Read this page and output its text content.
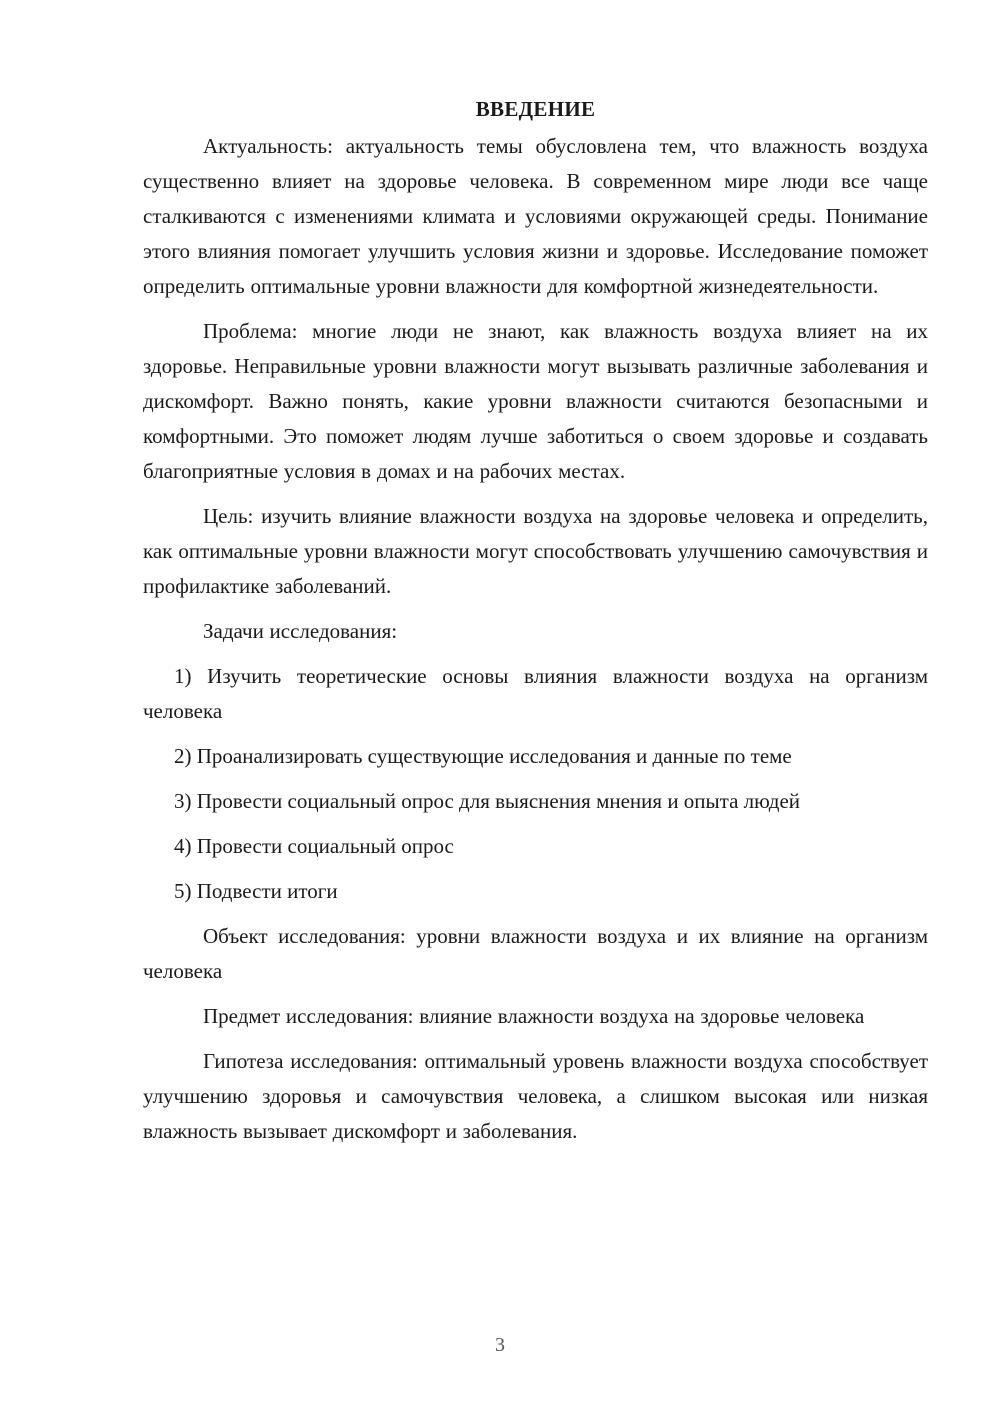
ВВЕДЕНИЕ

Актуальность: актуальность темы обусловлена тем, что влажность воздуха существенно влияет на здоровье человека. В современном мире люди все чаще сталкиваются с изменениями климата и условиями окружающей среды. Понимание этого влияния помогает улучшить условия жизни и здоровье. Исследование поможет определить оптимальные уровни влажности для комфортной жизнедеятельности.

Проблема: многие люди не знают, как влажность воздуха влияет на их здоровье. Неправильные уровни влажности могут вызывать различные заболевания и дискомфорт. Важно понять, какие уровни влажности считаются безопасными и комфортными. Это поможет людям лучше заботиться о своем здоровье и создавать благоприятные условия в домах и на рабочих местах.

Цель: изучить влияние влажности воздуха на здоровье человека и определить, как оптимальные уровни влажности могут способствовать улучшению самочувствия и профилактике заболеваний.

Задачи исследования:

1) Изучить теоретические основы влияния влажности воздуха на организм человека

2) Проанализировать существующие исследования и данные по теме

3) Провести социальный опрос для выяснения мнения и опыта людей

4) Провести социальный опрос

5) Подвести итоги

Объект исследования: уровни влажности воздуха и их влияние на организм человека

Предмет исследования: влияние влажности воздуха на здоровье человека

Гипотеза исследования: оптимальный уровень влажности воздуха способствует улучшению здоровья и самочувствия человека, а слишком высокая или низкая влажность вызывает дискомфорт и заболевания.

3
